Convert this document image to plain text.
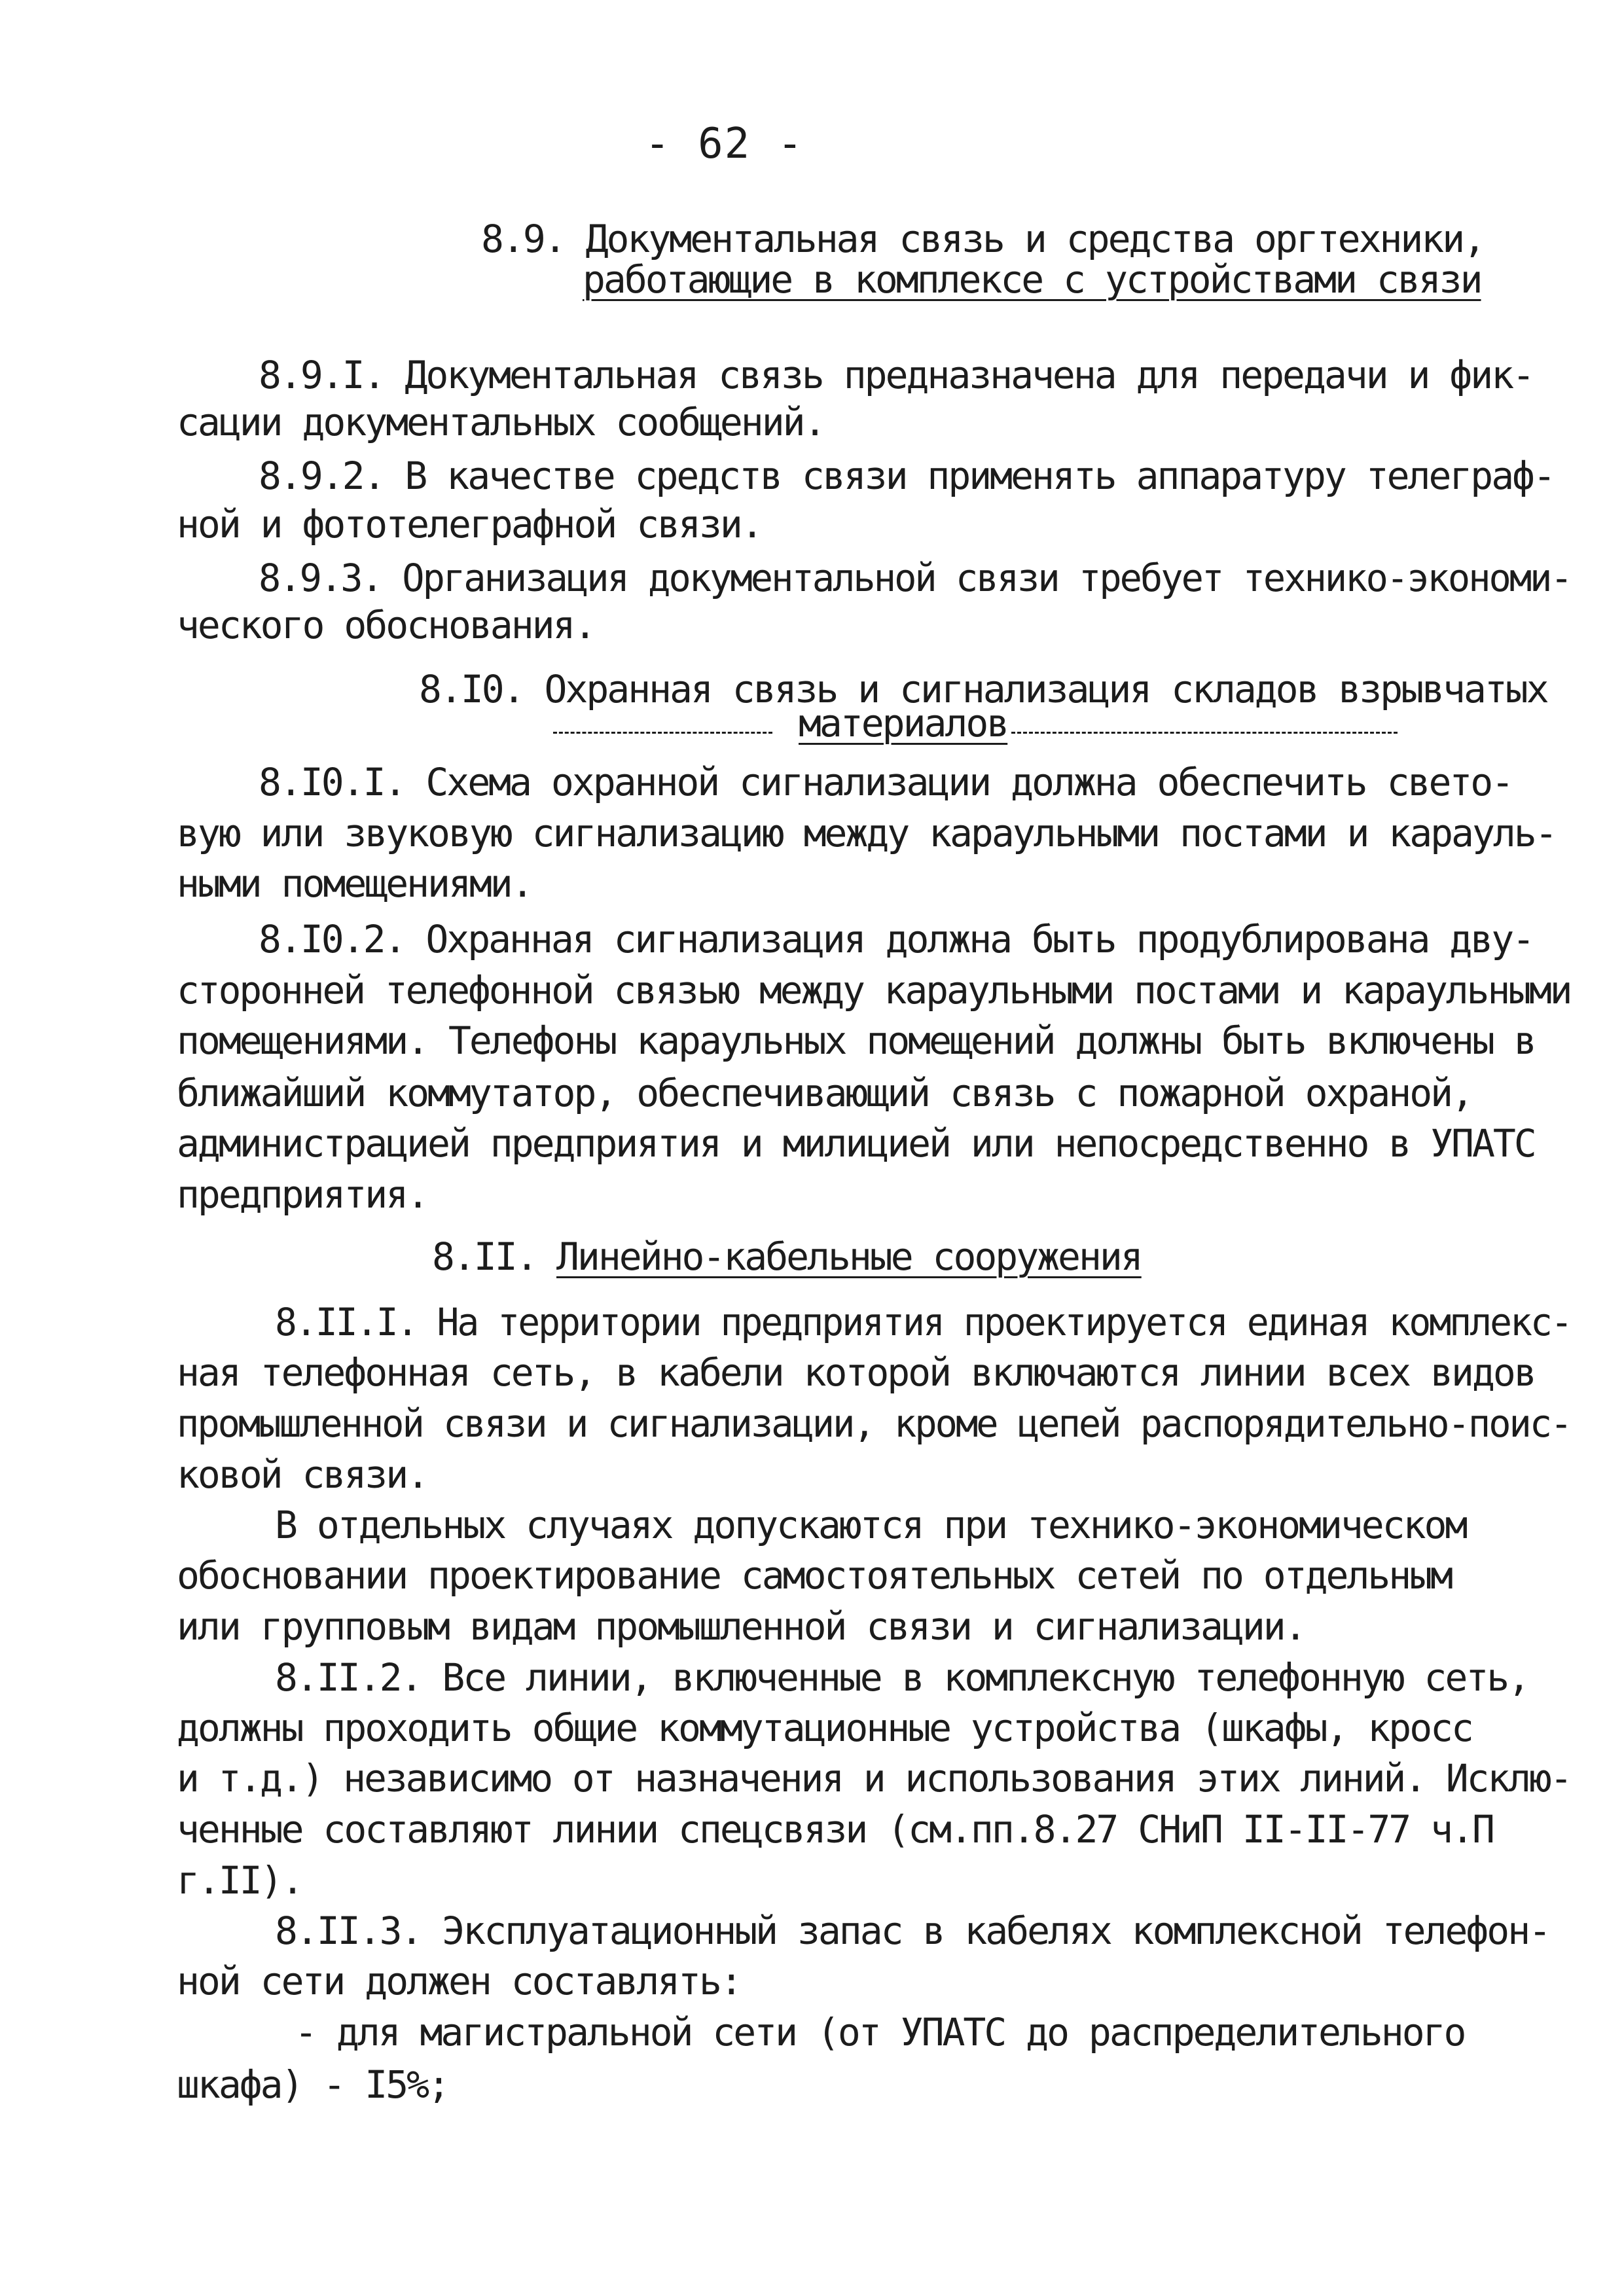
- 62 -
8.9. Документальная связь и средства оргтехники,
работающие в комплексе с устройствами связи
8.9.I. Документальная связь предназначена для передачи и фик-
сации документальных сообщений.
8.9.2. В качестве средств связи применять аппаратуру телеграф-
ной и фототелеграфной связи.
8.9.3. Организация документальной связи требует технико-экономи-
ческого обоснования.
8.I0. Охранная связь и сигнализация складов взрывчатых
материалов
8.I0.I. Схема охранной сигнализации должна обеспечить свето-
вую или звуковую сигнализацию между караульными постами и карауль-
ными помещениями.
8.I0.2. Охранная сигнализация должна быть продублирована дву-
сторонней телефонной связью между караульными постами и караульными
помещениями. Телефоны караульных помещений должны быть включены в
ближайший коммутатор, обеспечивающий связь с пожарной охраной,
администрацией предприятия и милицией или непосредственно в УПАТС
предприятия.
8.II. Линейно-кабельные сооружения
8.II.I. На территории предприятия проектируется единая комплекс-
ная телефонная сеть, в кабели которой включаются линии всех видов
промышленной связи и сигнализации, кроме цепей распорядительно-поис-
ковой связи.
В отдельных случаях допускаются при технико-экономическом
обосновании проектирование самостоятельных сетей по отдельным
или групповым видам промышленной связи и сигнализации.
8.II.2. Все линии, включенные в комплексную телефонную сеть,
должны проходить общие коммутационные устройства (шкафы, кросс
и т.д.) независимо от назначения и использования этих линий. Исклю-
ченные составляют линии спецсвязи (см.пп.8.27 СНиП II-II-77 ч.П
г.II).
8.II.3. Эксплуатационный запас в кабелях комплексной телефон-
ной сети должен составлять:
- для магистральной сети (от УПАТС до распределительного
шкафа) - I5%;
